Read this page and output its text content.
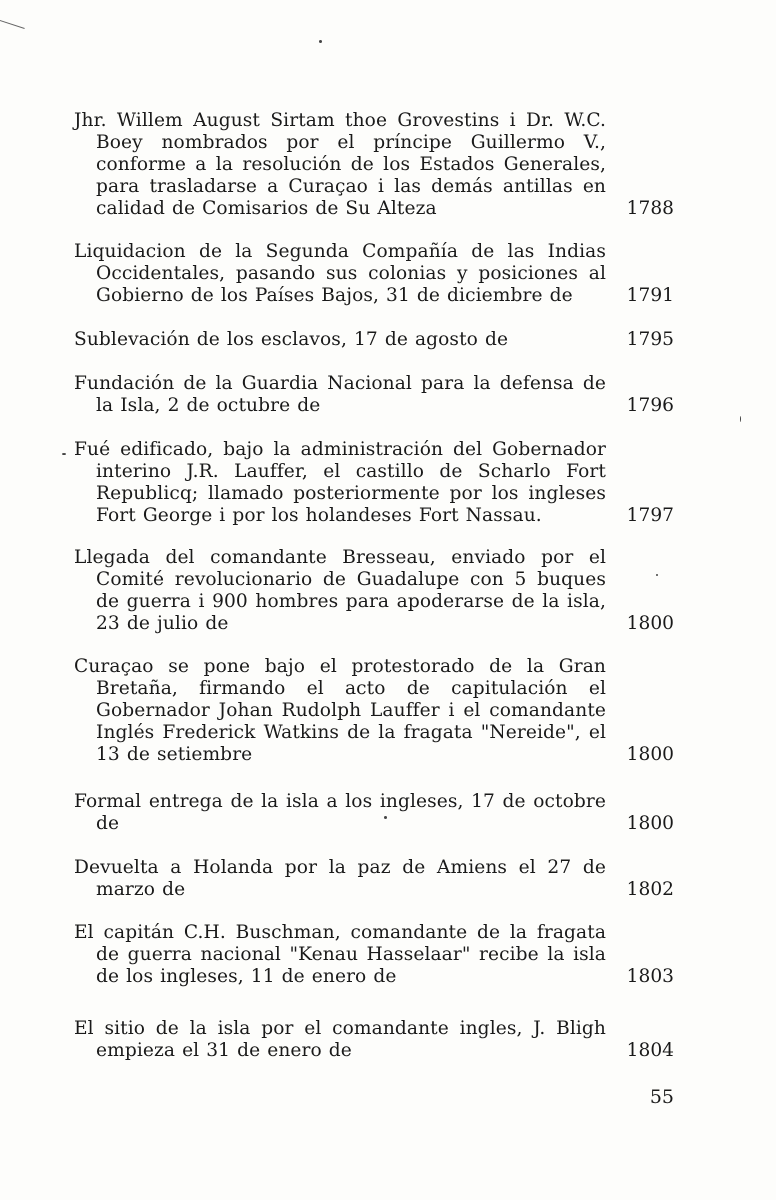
Jhr. Willem August Sirtam thoe Grovestins i Dr. W.C. Boey nombrados por el príncipe Guillermo V., conforme a la resolución de los Estados Generales, para trasladarse a Curaçao i las demás antillas en calidad de Comisarios de Su Alteza	1788
Liquidacion de la Segunda Compañía de las Indias Occidentales, pasando sus colonias y posiciones al Gobierno de los Países Bajos, 31 de diciembre de	1791
Sublevación de los esclavos, 17 de agosto de	1795
Fundación de la Guardia Nacional para la defensa de la Isla, 2 de octubre de	1796
Fué edificado, bajo la administración del Gobernador interino J.R. Lauffer, el castillo de Scharlo Fort Republicq; llamado posteriormente por los ingleses Fort George i por los holandeses Fort Nassau.	1797
Llegada del comandante Bresseau, enviado por el Comité revolucionario de Guadalupe con 5 buques de guerra i 900 hombres para apoderarse de la isla, 23 de julio de	1800
Curaçao se pone bajo el protestorado de la Gran Bretaña, firmando el acto de capitulación el Gobernador Johan Rudolph Lauffer i el comandante Inglés Frederick Watkins de la fragata "Nereide", el 13 de setiembre	1800
Formal entrega de la isla a los ingleses, 17 de octobre de	1800
Devuelta a Holanda por la paz de Amiens el 27 de marzo de	1802
El capitán C.H. Buschman, comandante de la fragata de guerra nacional "Kenau Hasselaar" recibe la isla de los ingleses, 11 de enero de	1803
El sitio de la isla por el comandante ingles, J. Bligh empieza el 31 de enero de	1804
55
